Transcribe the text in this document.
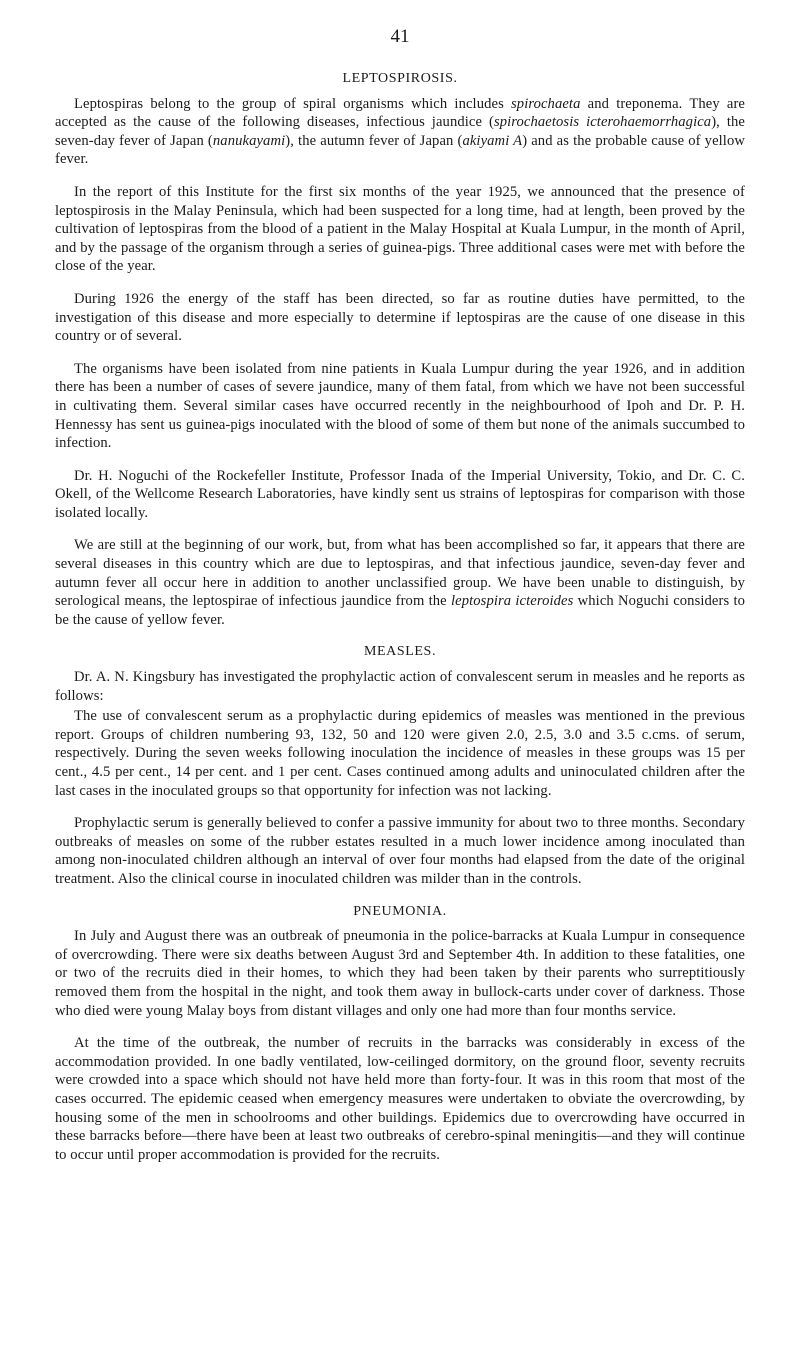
41
LEPTOSPIROSIS.

Leptospiras belong to the group of spiral organisms which includes spirochaeta and treponema. They are accepted as the cause of the following diseases, infectious jaundice (spirochaetosis icterohaemorrhagica), the seven-day fever of Japan (nanukayami), the autumn fever of Japan (akiyami A) and as the probable cause of yellow fever.

In the report of this Institute for the first six months of the year 1925, we announced that the presence of leptospirosis in the Malay Peninsula, which had been suspected for a long time, had at length, been proved by the cultivation of leptospiras from the blood of a patient in the Malay Hospital at Kuala Lumpur, in the month of April, and by the passage of the organism through a series of guinea-pigs. Three additional cases were met with before the close of the year.

During 1926 the energy of the staff has been directed, so far as routine duties have permitted, to the investigation of this disease and more especially to determine if leptospiras are the cause of one disease in this country or of several.

The organisms have been isolated from nine patients in Kuala Lumpur during the year 1926, and in addition there has been a number of cases of severe jaundice, many of them fatal, from which we have not been successful in cultivating them. Several similar cases have occurred recently in the neighbourhood of Ipoh and Dr. P. H. Hennessy has sent us guinea-pigs inoculated with the blood of some of them but none of the animals succumbed to infection.

Dr. H. Noguchi of the Rockefeller Institute, Professor Inada of the Imperial University, Tokio, and Dr. C. C. Okell, of the Wellcome Research Laboratories, have kindly sent us strains of leptospiras for comparison with those isolated locally.

We are still at the beginning of our work, but, from what has been accomplished so far, it appears that there are several diseases in this country which are due to leptospiras, and that infectious jaundice, seven-day fever and autumn fever all occur here in addition to another unclassified group. We have been unable to distinguish, by serological means, the leptospirae of infectious jaundice from the leptospira icteroides which Noguchi considers to be the cause of yellow fever.

MEASLES.

Dr. A. N. Kingsbury has investigated the prophylactic action of convalescent serum in measles and he reports as follows:

The use of convalescent serum as a prophylactic during epidemics of measles was mentioned in the previous report. Groups of children numbering 93, 132, 50 and 120 were given 2.0, 2.5, 3.0 and 3.5 c.cms. of serum, respectively. During the seven weeks following inoculation the incidence of measles in these groups was 15 per cent., 4.5 per cent., 14 per cent. and 1 per cent. Cases continued among adults and uninoculated children after the last cases in the inoculated groups so that opportunity for infection was not lacking.

Prophylactic serum is generally believed to confer a passive immunity for about two to three months. Secondary outbreaks of measles on some of the rubber estates resulted in a much lower incidence among inoculated than among non-inoculated children although an interval of over four months had elapsed from the date of the original treatment. Also the clinical course in inoculated children was milder than in the controls.

PNEUMONIA.

In July and August there was an outbreak of pneumonia in the police-barracks at Kuala Lumpur in consequence of overcrowding. There were six deaths between August 3rd and September 4th. In addition to these fatalities, one or two of the recruits died in their homes, to which they had been taken by their parents who surreptitiously removed them from the hospital in the night, and took them away in bullock-carts under cover of darkness. Those who died were young Malay boys from distant villages and only one had more than four months service.

At the time of the outbreak, the number of recruits in the barracks was considerably in excess of the accommodation provided. In one badly ventilated, low-ceilinged dormitory, on the ground floor, seventy recruits were crowded into a space which should not have held more than forty-four. It was in this room that most of the cases occurred. The epidemic ceased when emergency measures were undertaken to obviate the overcrowding, by housing some of the men in schoolrooms and other buildings. Epidemics due to overcrowding have occurred in these barracks before—there have been at least two outbreaks of cerebro-spinal meningitis—and they will continue to occur until proper accommodation is provided for the recruits.
